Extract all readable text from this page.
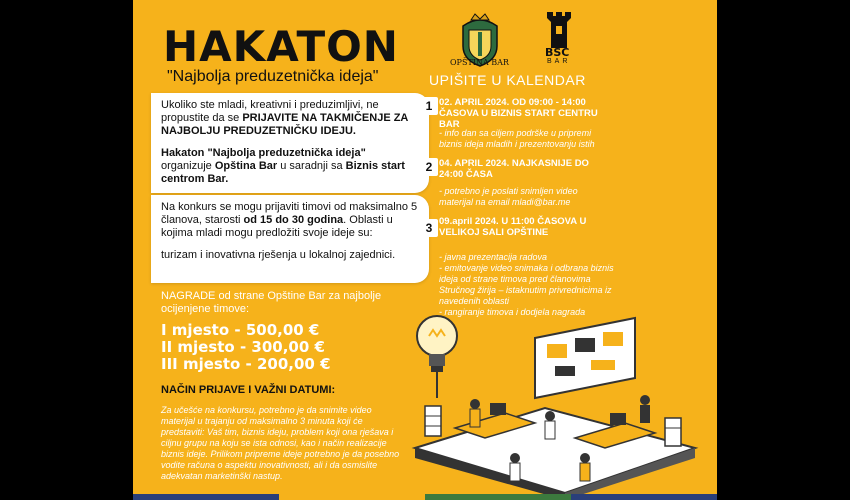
HAKATON
"Najbolja preduzetnička ideja"
OPŠTINA BAR
BSC
BAR

Ukoliko ste mladi, kreativni i preduzimljivi, ne propustite da se PRIJAVITE NA TAKMIČENJE ZA NAJBOLJU PREDUZETNIČKU IDEJU.

Hakaton "Najbolja preduzetnička ideja" organizuje Opština Bar u saradnji sa Biznis start centrom Bar.

Na konkurs se mogu prijaviti timovi od maksimalno 5 članova, starosti od 15 do 30 godina. Oblasti u kojima mladi mogu predložiti svoje ideje su:

turizam i inovativna rješenja u lokalnoj zajednici.

NAGRADE od strane Opštine Bar za najbolje ocijenjene timove:
I mjesto - 500,00 €
II mjesto - 300,00 €
III mjesto - 200,00 €
NAČIN PRIJAVE I VAŽNI DATUMI:
Za učešće na konkursu, potrebno je da snimite video materijal u trajanju od maksimalno 3 minuta koji će predstaviti: Vaš tim, biznis ideju, problem koji ona rješava i ciljnu grupu na koju se ista odnosi, kao i način realizacije biznis ideje. Prilikom pripreme ideje potrebno je da posebno vodite računa o aspektu inovativnosti, ali i da osmislite adekvatan marketinški nastup.
UPIŠITE U KALENDAR
1 02. APRIL 2024. OD 09:00 - 14:00 ČASOVA U BIZNIS START CENTRU BAR
- info dan sa ciljem podrške u pripremi biznis ideja mladih i prezentovanju istih
2 04. APRIL 2024. NAJKASNIJE DO 24:00 ČASA
- potrebno je poslati snimljen video materijal na email mladi@bar.me
3 09.april 2024. U 11:00 ČASOVA U VELIKOJ SALI OPŠTINE
- javna prezentacija radova
- emitovanje video snimaka i odbrana biznis ideja od strane timova pred članovima Stručnog žirija – istaknutim privrednicima iz navedenih oblasti
- rangiranje timova i dodjela nagrada
